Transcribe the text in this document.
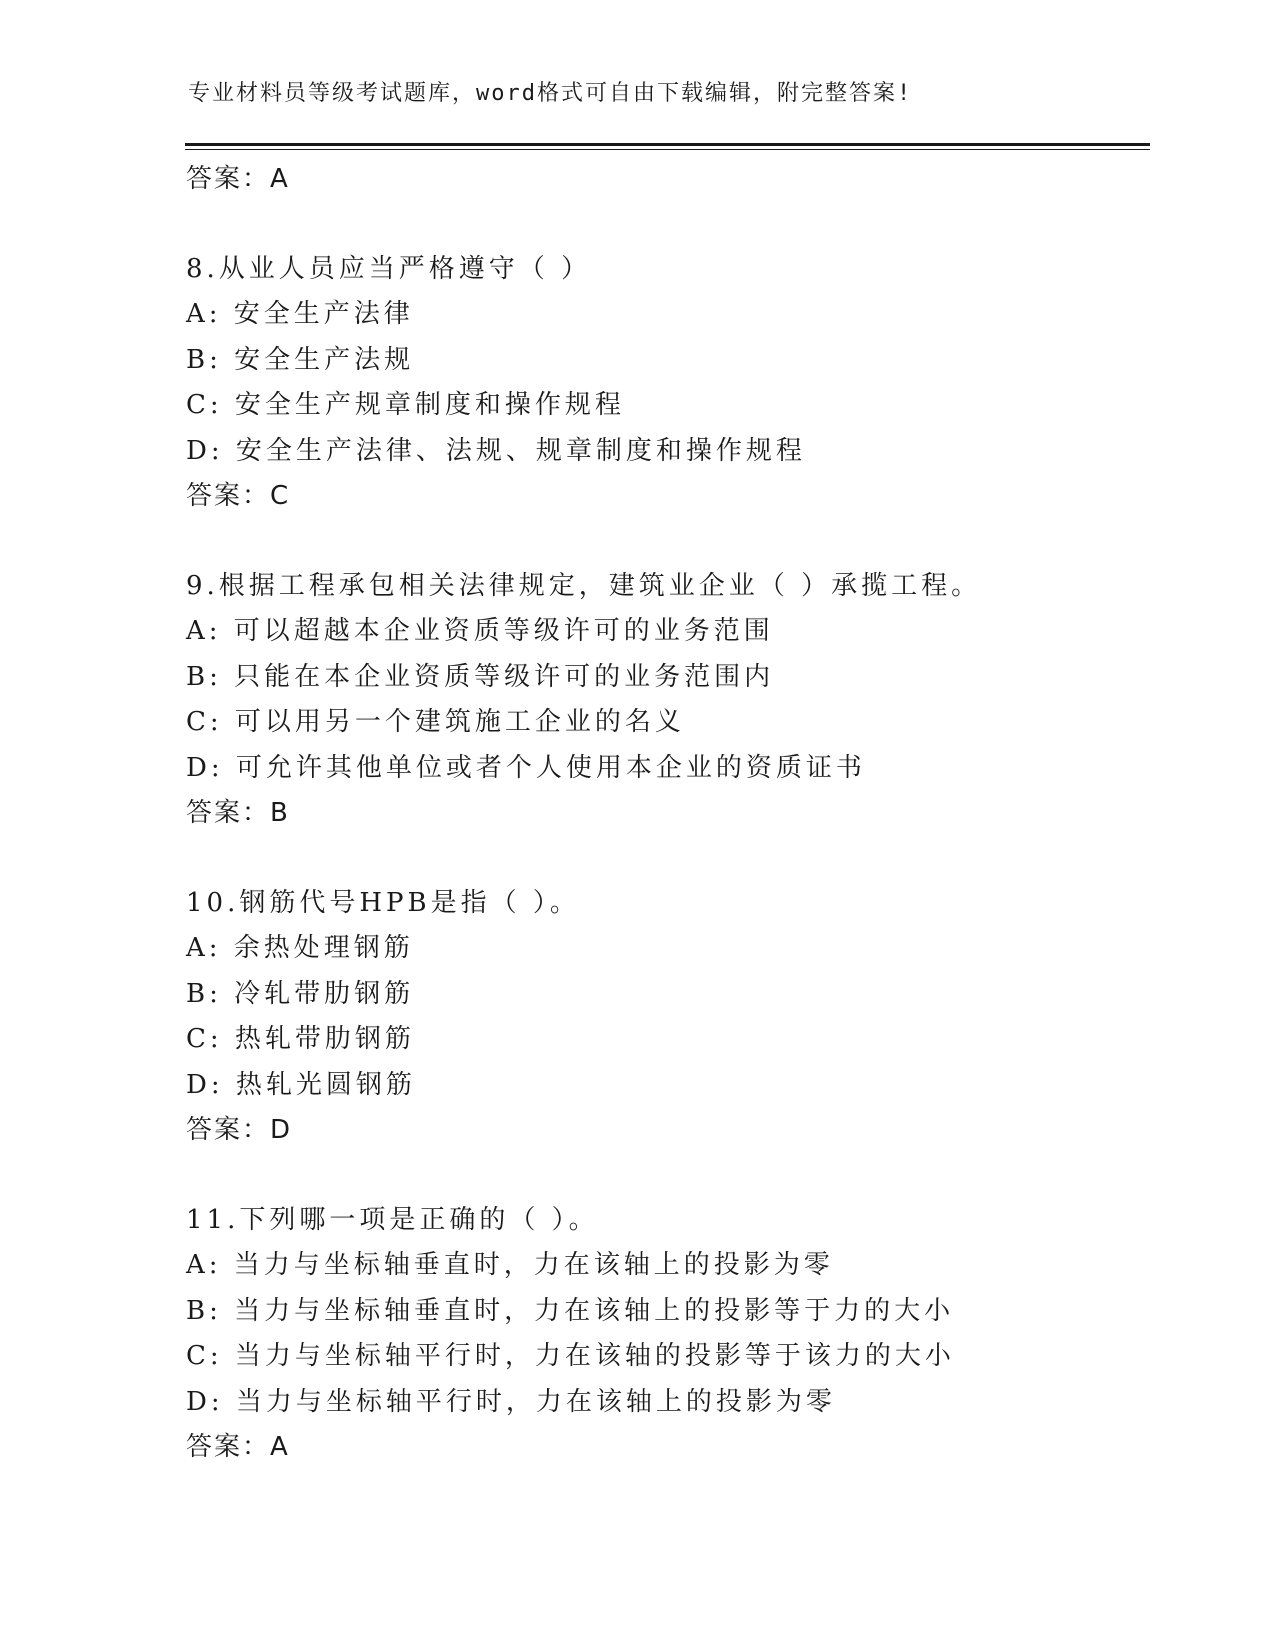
专业材料员等级考试题库，word格式可自由下载编辑，附完整答案!
答案：A
8.从业人员应当严格遵守（ ）
A: 安全生产法律
B: 安全生产法规
C: 安全生产规章制度和操作规程
D: 安全生产法律、法规、规章制度和操作规程
答案：C
9.根据工程承包相关法律规定，建筑业企业（ ）承揽工程。
A: 可以超越本企业资质等级许可的业务范围
B: 只能在本企业资质等级许可的业务范围内
C: 可以用另一个建筑施工企业的名义
D: 可允许其他单位或者个人使用本企业的资质证书
答案：B
10.钢筋代号HPB是指（ ）。
A: 余热处理钢筋
B: 冷轧带肋钢筋
C: 热轧带肋钢筋
D: 热轧光圆钢筋
答案：D
11.下列哪一项是正确的（ ）。
A: 当力与坐标轴垂直时，力在该轴上的投影为零
B: 当力与坐标轴垂直时，力在该轴上的投影等于力的大小
C: 当力与坐标轴平行时，力在该轴的投影等于该力的大小
D: 当力与坐标轴平行时，力在该轴上的投影为零
答案：A
